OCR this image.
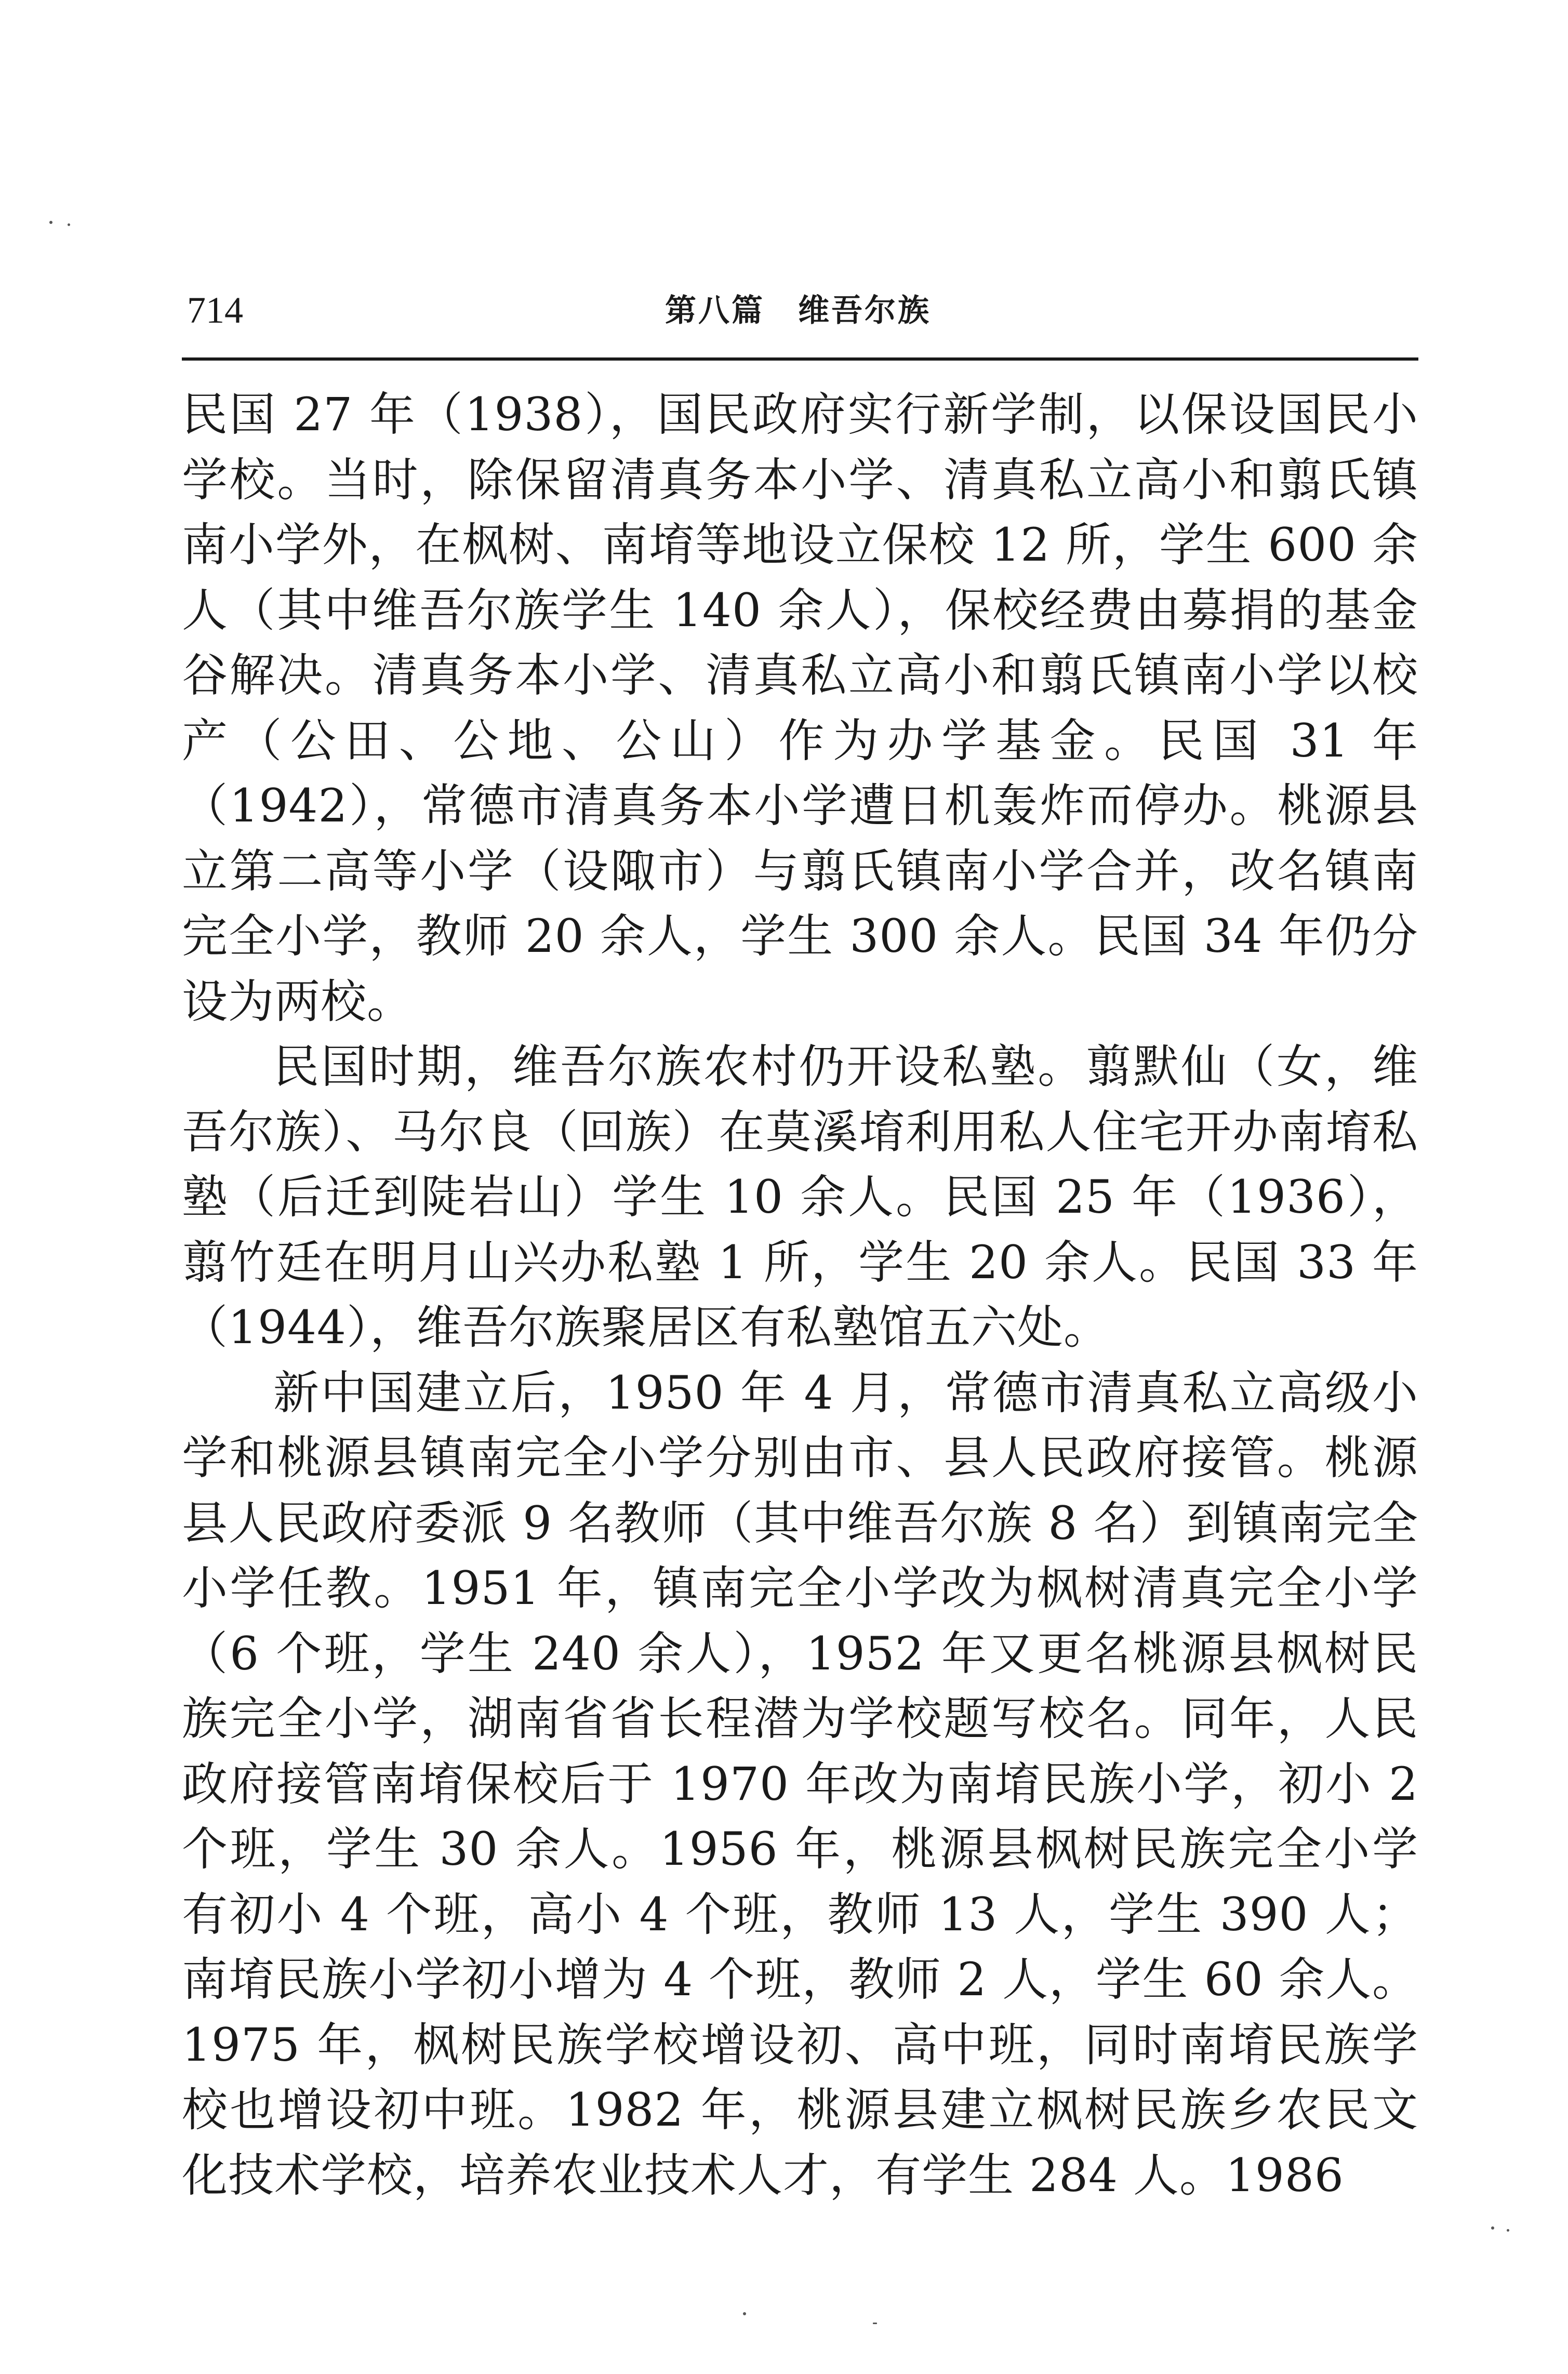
714	第八篇　维吾尔族

民国 27 年（1938），国民政府实行新学制，以保设国民小学校。当时，除保留清真务本小学、清真私立高小和翦氏镇南小学外，在枫树、南堉等地设立保校 12 所，学生 600 余人（其中维吾尔族学生 140 余人），保校经费由募捐的基金谷解决。清真务本小学、清真私立高小和翦氏镇南小学以校产（公田、公地、公山）作为办学基金。民国 31 年（1942），常德市清真务本小学遭日机轰炸而停办。桃源县立第二高等小学（设陬市）与翦氏镇南小学合并，改名镇南完全小学，教师 20 余人，学生 300 余人。民国 34 年仍分设为两校。

民国时期，维吾尔族农村仍开设私塾。翦默仙（女，维吾尔族）、马尔良（回族）在莫溪堉利用私人住宅开办南堉私塾（后迁到陡岩山）学生 10 余人。民国 25 年（1936），翦竹廷在明月山兴办私塾 1 所，学生 20 余人。民国 33 年（1944），维吾尔族聚居区有私塾馆五六处。

新中国建立后，1950 年 4 月，常德市清真私立高级小学和桃源县镇南完全小学分别由市、县人民政府接管。桃源县人民政府委派 9 名教师（其中维吾尔族 8 名）到镇南完全小学任教。1951 年，镇南完全小学改为枫树清真完全小学（6 个班，学生 240 余人），1952 年又更名桃源县枫树民族完全小学，湖南省省长程潜为学校题写校名。同年，人民政府接管南堉保校后于 1970 年改为南堉民族小学，初小 2 个班，学生 30 余人。1956 年，桃源县枫树民族完全小学有初小 4 个班，高小 4 个班，教师 13 人，学生 390 人；南堉民族小学初小增为 4 个班，教师 2 人，学生 60 余人。1975 年，枫树民族学校增设初、高中班，同时南堉民族学校也增设初中班。1982 年，桃源县建立枫树民族乡农民文化技术学校，培养农业技术人才，有学生 284 人。1986
